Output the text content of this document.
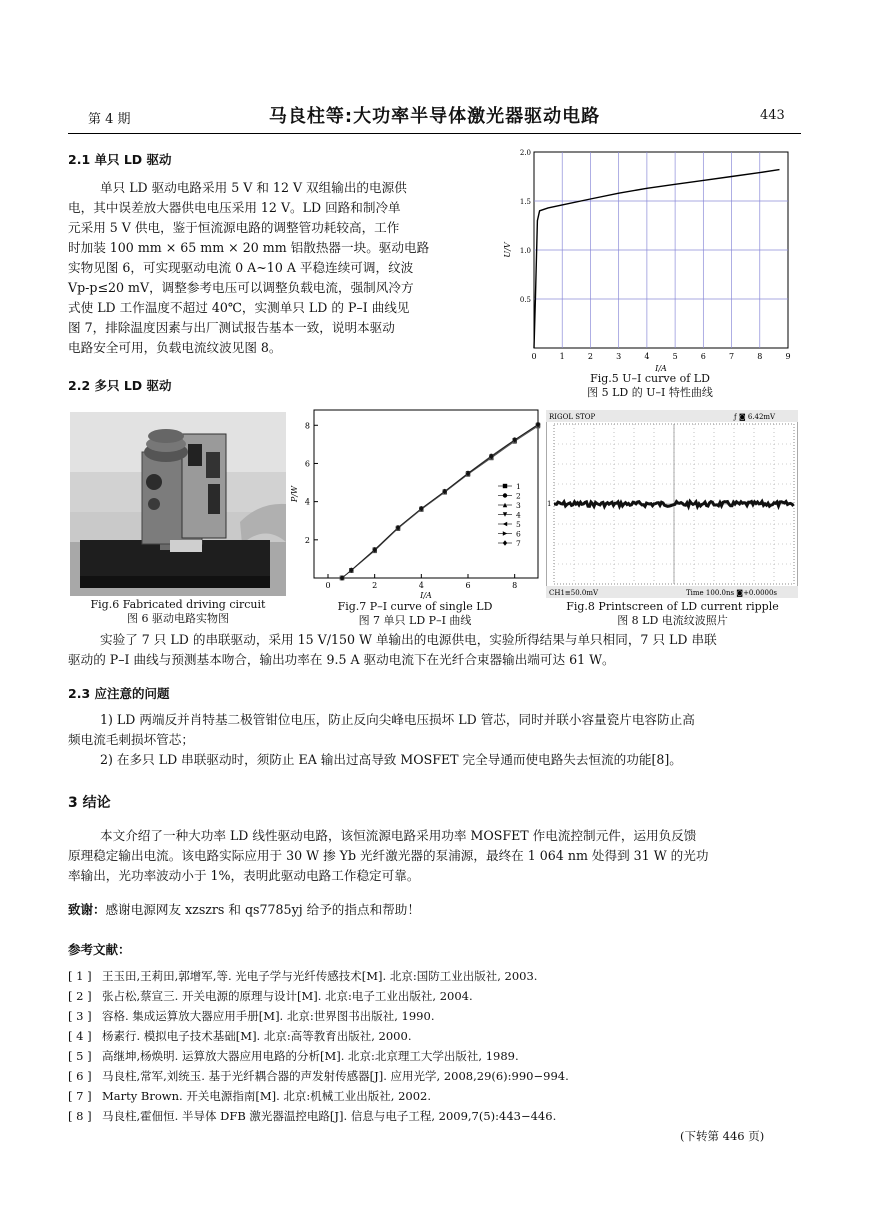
第 4 期	马良柱等:大功率半导体激光器驱动电路	443
2.1 单只 LD 驱动
单只 LD 驱动电路采用 5 V 和 12 V 双组输出的电源供
电，其中误差放大器供电电压采用 12 V。LD 回路和制冷单
元采用 5 V 供电，鉴于恒流源电路的调整管功耗较高，工作
时加装 100 mm × 65 mm × 20 mm 铝散热器一块。驱动电路
实物见图 6，可实现驱动电流 0 A~10 A 平稳连续可调，纹波
Vp-p≤20 mV，调整参考电压可以调整负载电流，强制风冷方
式使 LD 工作温度不超过 40℃，实测单只 LD 的 P–I 曲线见
图 7，排除温度因素与出厂测试报告基本一致，说明本驱动
电路安全可用，负载电流纹波见图 8。
2.2 多只 LD 驱动
0	1	2	3	4	5	6	7	8	9
0.5
1.0
1.5
2.0
I/A
U/V
Fig.5 U–I curve of LD
图 5 LD 的 U–I 特性曲线
Fig.6 Fabricated driving circuit
图 6 驱动电路实物图
0	2	4	6	8
2
4
6
8
1
2
3
4
5
6
7
I/A
P/W
Fig.7 P–I curve of single LD
图 7 单只 LD P–I 曲线
RIGOL STOP	ƒ ◙ 6.42mV
1
CH1≡50.0mV	Time 100.0ns ◙+0.0000s
Fig.8 Printscreen of LD current ripple
图 8 LD 电流纹波照片
实验了 7 只 LD 的串联驱动，采用 15 V/150 W 单输出的电源供电，实验所得结果与单只相同，7 只 LD 串联
驱动的 P–I 曲线与预测基本吻合，输出功率在 9.5 A 驱动电流下在光纤合束器输出端可达 61 W。
2.3 应注意的问题
1) LD 两端反并肖特基二极管钳位电压，防止反向尖峰电压损坏 LD 管芯，同时并联小容量瓷片电容防止高
频电流毛刺损坏管芯；
2) 在多只 LD 串联驱动时，须防止 EA 输出过高导致 MOSFET 完全导通而使电路失去恒流的功能[8]。
3 结论
本文介绍了一种大功率 LD 线性驱动电路，该恒流源电路采用功率 MOSFET 作电流控制元件，运用负反馈
原理稳定输出电流。该电路实际应用于 30 W 掺 Yb 光纤激光器的泵浦源，最终在 1 064 nm 处得到 31 W 的光功
率输出，光功率波动小于 1%，表明此驱动电路工作稳定可靠。
致谢：感谢电源网友 xzszrs 和 qs7785yj 给予的指点和帮助！
参考文献：
[ 1 ] 王玉田,王莉田,郭增军,等. 光电子学与光纤传感技术[M]. 北京:国防工业出版社, 2003.
[ 2 ] 张占松,蔡宣三. 开关电源的原理与设计[M]. 北京:电子工业出版社, 2004.
[ 3 ] 容格. 集成运算放大器应用手册[M]. 北京:世界图书出版社, 1990.
[ 4 ] 杨素行. 模拟电子技术基础[M]. 北京:高等教育出版社, 2000.
[ 5 ] 高继坤,杨焕明. 运算放大器应用电路的分析[M]. 北京:北京理工大学出版社, 1989.
[ 6 ] 马良柱,常军,刘统玉. 基于光纤耦合器的声发射传感器[J]. 应用光学, 2008,29(6):990−994.
[ 7 ] Marty Brown. 开关电源指南[M]. 北京:机械工业出版社, 2002.
[ 8 ] 马良柱,霍佃恒. 半导体 DFB 激光器温控电路[J]. 信息与电子工程, 2009,7(5):443−446.
(下转第 446 页)
